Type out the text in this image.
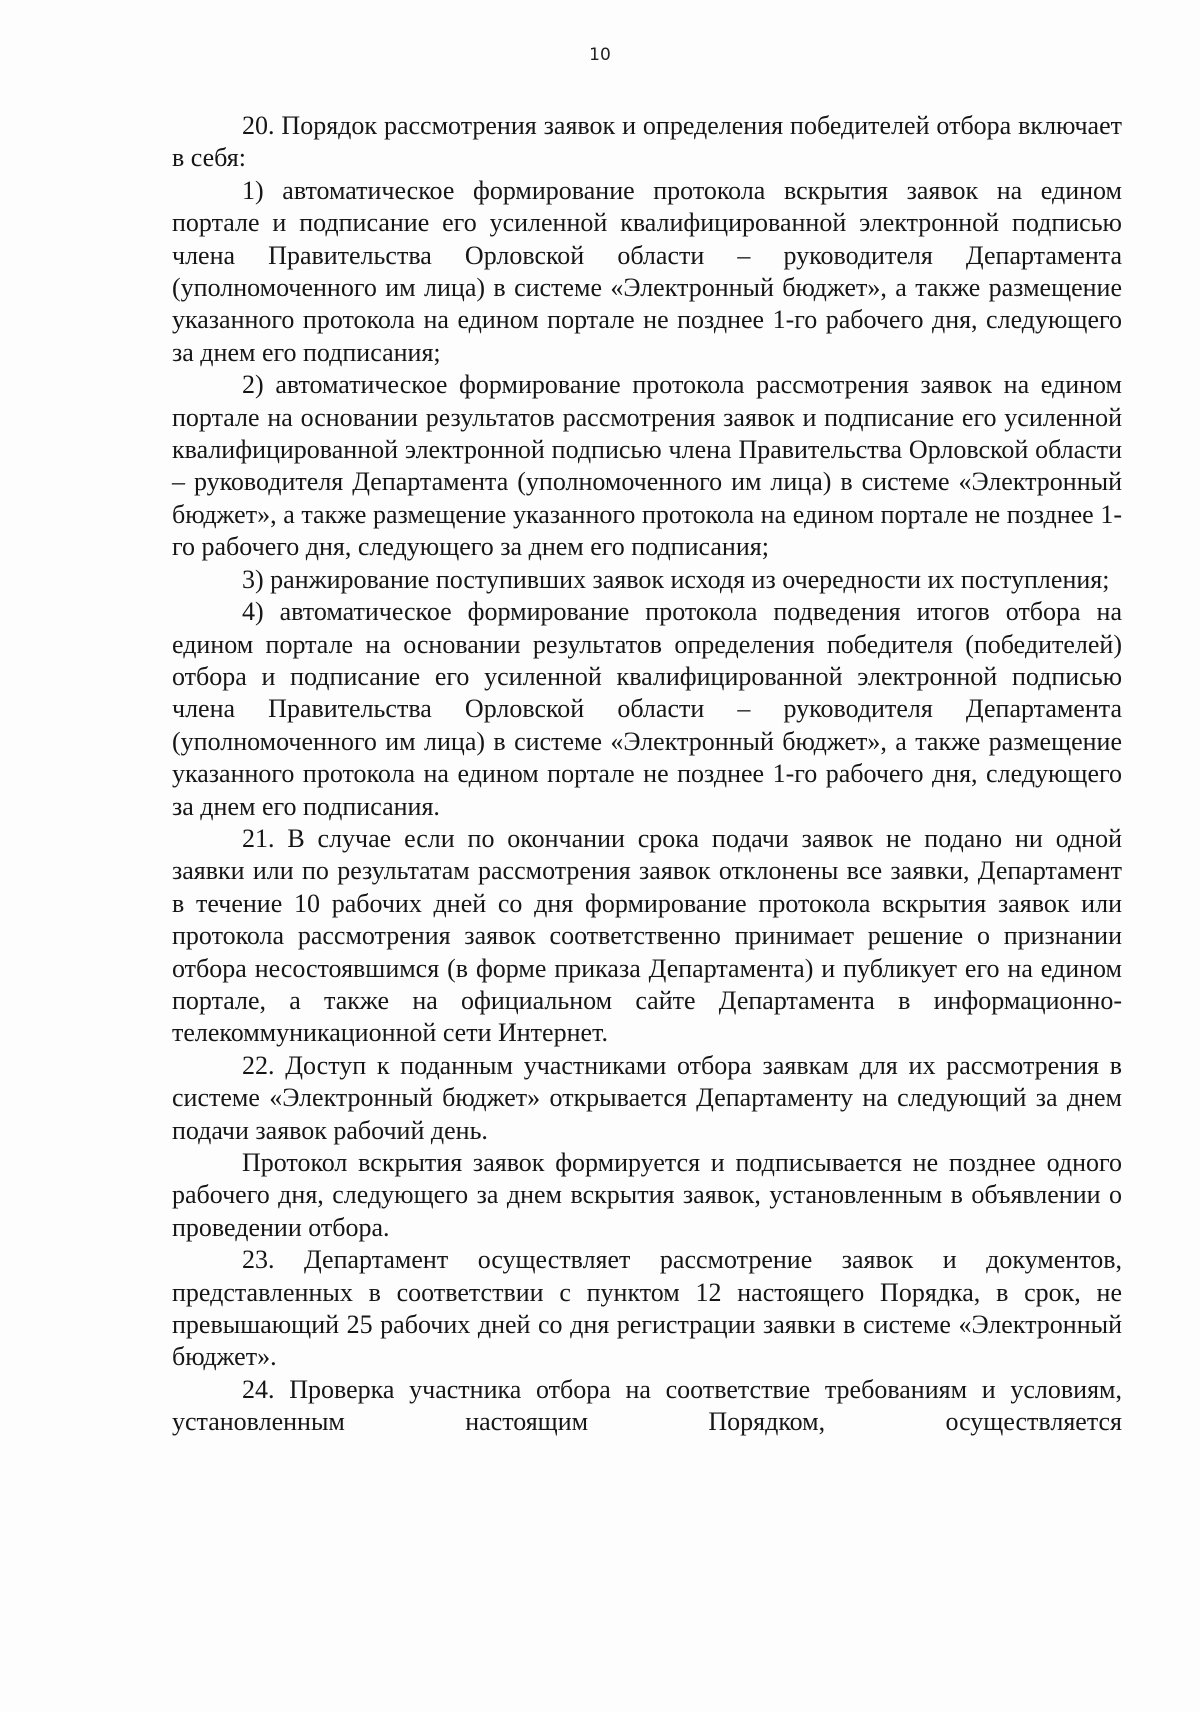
10

20. Порядок рассмотрения заявок и определения победителей отбора включает в себя:

1) автоматическое формирование протокола вскрытия заявок на едином портале и подписание его усиленной квалифицированной электронной подписью члена Правительства Орловской области – руководителя Департамента (уполномоченного им лица) в системе «Электронный бюджет», а также размещение указанного протокола на едином портале не позднее 1-го рабочего дня, следующего за днем его подписания;

2) автоматическое формирование протокола рассмотрения заявок на едином портале на основании результатов рассмотрения заявок и подписание его усиленной квалифицированной электронной подписью члена Правительства Орловской области – руководителя Департамента (уполномоченного им лица) в системе «Электронный бюджет», а также размещение указанного протокола на едином портале не позднее 1-го рабочего дня, следующего за днем его подписания;

3) ранжирование поступивших заявок исходя из очередности их поступления;

4) автоматическое формирование протокола подведения итогов отбора на едином портале на основании результатов определения победителя (победителей) отбора и подписание его усиленной квалифицированной электронной подписью члена Правительства Орловской области – руководителя Департамента (уполномоченного им лица) в системе «Электронный бюджет», а также размещение указанного протокола на едином портале не позднее 1-го рабочего дня, следующего за днем его подписания.

21. В случае если по окончании срока подачи заявок не подано ни одной заявки или по результатам рассмотрения заявок отклонены все заявки, Департамент в течение 10 рабочих дней со дня формирование протокола вскрытия заявок или протокола рассмотрения заявок соответственно принимает решение о признании отбора несостоявшимся (в форме приказа Департамента) и публикует его на едином портале, а также на официальном сайте Департамента в информационно-телекоммуникационной сети Интернет.

22. Доступ к поданным участниками отбора заявкам для их рассмотрения в системе «Электронный бюджет» открывается Департаменту на следующий за днем подачи заявок рабочий день.

Протокол вскрытия заявок формируется и подписывается не позднее одного рабочего дня, следующего за днем вскрытия заявок, установленным в объявлении о проведении отбора.

23. Департамент осуществляет рассмотрение заявок и документов, представленных в соответствии с пунктом 12 настоящего Порядка, в срок, не превышающий 25 рабочих дней со дня регистрации заявки в системе «Электронный бюджет».

24. Проверка участника отбора на соответствие требованиям и условиям, установленным настоящим Порядком, осуществляется
